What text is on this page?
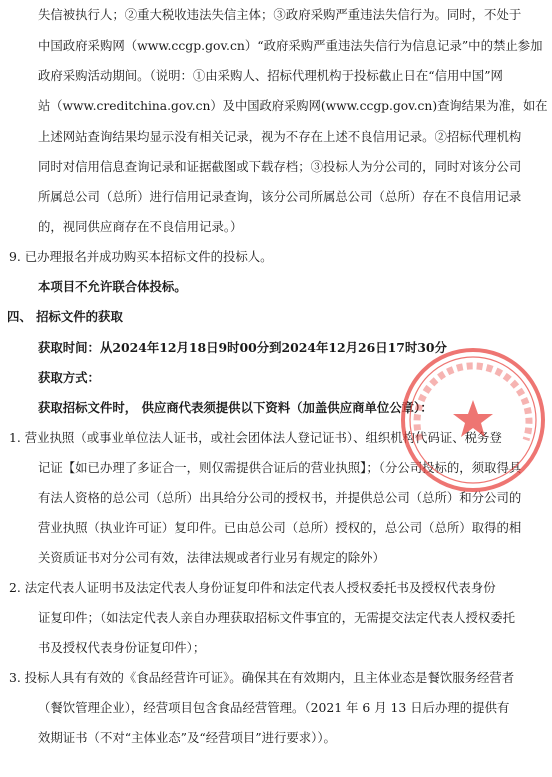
失信被执行人；②重大税收违法失信主体；③政府采购严重违法失信行为。同时，不处于
中国政府采购网（www.ccgp.gov.cn）“政府采购严重违法失信行为信息记录”中的禁止参加
政府采购活动期间。（说明：①由采购人、招标代理机构于投标截止日在“信用中国”网
站（www.creditchina.gov.cn）及中国政府采购网(www.ccgp.gov.cn)查询结果为准，如在
上述网站查询结果均显示没有相关记录，视为不存在上述不良信用记录。②招标代理机构
同时对信用信息查询记录和证据截图或下载存档；③投标人为分公司的，同时对该分公司
所属总公司（总所）进行信用记录查询，该分公司所属总公司（总所）存在不良信用记录
的，视同供应商存在不良信用记录。）
9. 已办理报名并成功购买本招标文件的投标人。
本项目不允许联合体投标。
四、 招标文件的获取
获取时间：从2024年12月18日9时00分到2024年12月26日17时30分
获取方式：
获取招标文件时， 供应商代表须提供以下资料（加盖供应商单位公章）：
1. 营业执照（或事业单位法人证书，或社会团体法人登记证书）、组织机构代码证、税务登
记证【如已办理了多证合一，则仅需提供合证后的营业执照】；（分公司投标的，须取得具
有法人资格的总公司（总所）出具给分公司的授权书，并提供总公司（总所）和分公司的
营业执照（执业许可证）复印件。已由总公司（总所）授权的，总公司（总所）取得的相
关资质证书对分公司有效，法律法规或者行业另有规定的除外）
2. 法定代表人证明书及法定代表人身份证复印件和法定代表人授权委托书及授权代表身份
证复印件；（如法定代表人亲自办理获取招标文件事宜的，无需提交法定代表人授权委托
书及授权代表身份证复印件）；
3. 投标人具有有效的《食品经营许可证》。确保其在有效期内，且主体业态是餐饮服务经营者
（餐饮管理企业），经营项目包含食品经营管理。（2021 年 6 月 13 日后办理的提供有
效期证书（不对“主体业态”及“经营项目”进行要求））。
